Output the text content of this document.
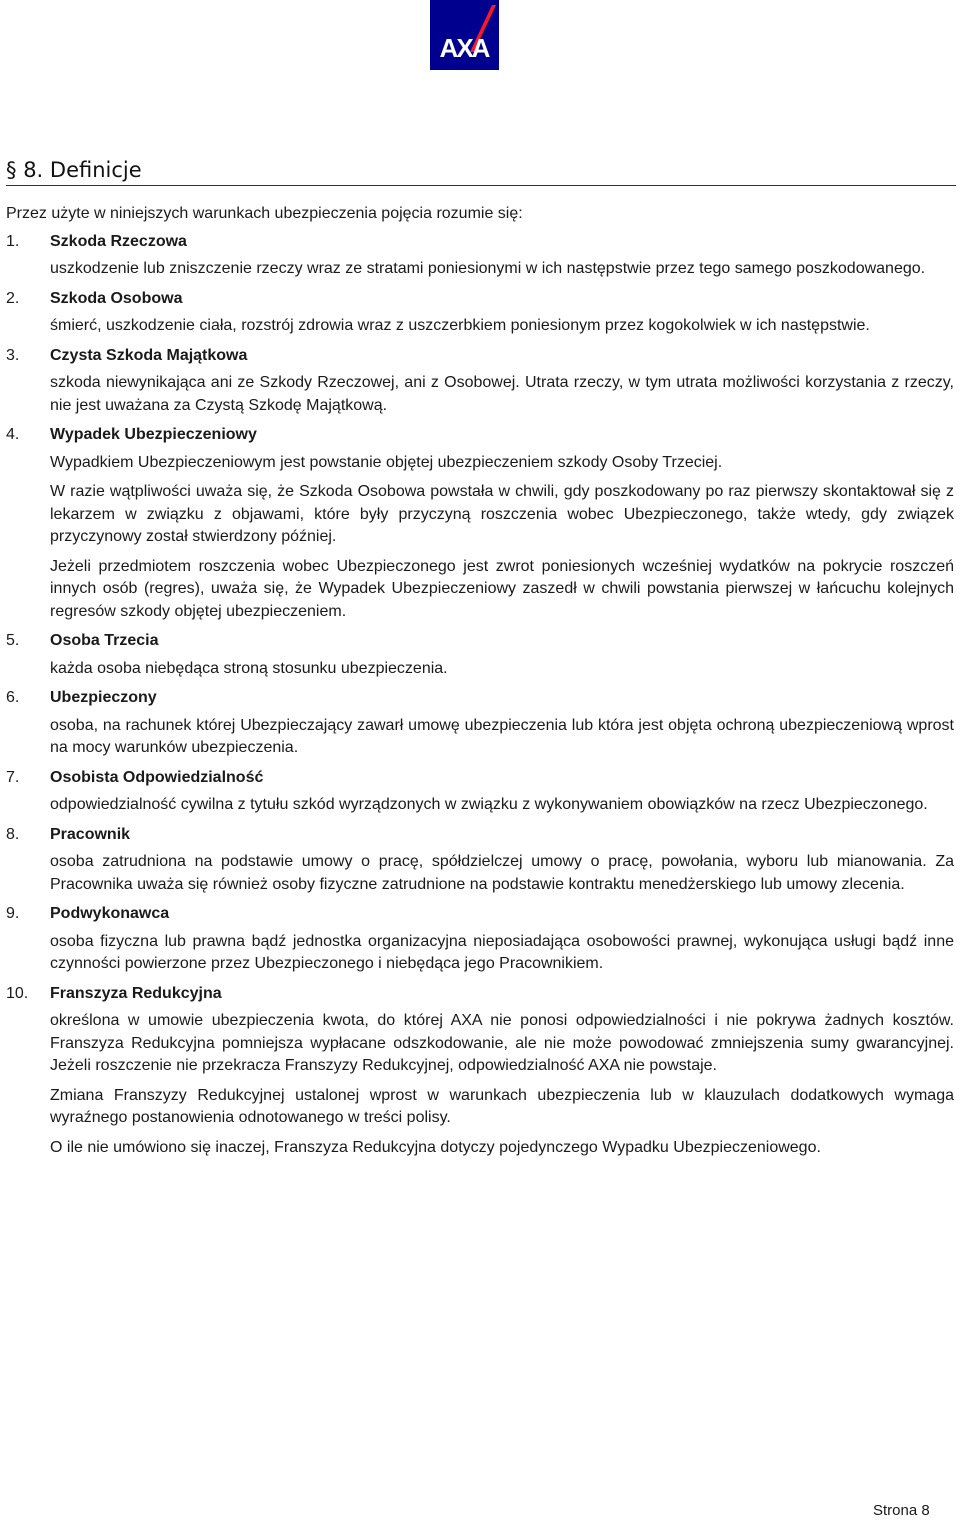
AXA
§ 8. Definicje

Przez użyte w niniejszych warunkach ubezpieczenia pojęcia rozumie się:

1.	Szkoda Rzeczowa

uszkodzenie lub zniszczenie rzeczy wraz ze stratami poniesionymi w ich następstwie przez tego samego poszkodowanego.

2.	Szkoda Osobowa

śmierć, uszkodzenie ciała, rozstrój zdrowia wraz z uszczerbkiem poniesionym przez kogokolwiek w ich następstwie.

3.	Czysta Szkoda Majątkowa

szkoda niewynikająca ani ze Szkody Rzeczowej, ani z Osobowej. Utrata rzeczy, w tym utrata możliwości korzystania z rzeczy, nie jest uważana za Czystą Szkodę Majątkową.

4.	Wypadek Ubezpieczeniowy

Wypadkiem Ubezpieczeniowym jest powstanie objętej ubezpieczeniem szkody Osoby Trzeciej.

W razie wątpliwości uważa się, że Szkoda Osobowa powstała w chwili, gdy poszkodowany po raz pierwszy skontaktował się z lekarzem w związku z objawami, które były przyczyną roszczenia wobec Ubezpieczonego, także wtedy, gdy związek przyczynowy został stwierdzony później.

Jeżeli przedmiotem roszczenia wobec Ubezpieczonego jest zwrot poniesionych wcześniej wydatków na pokrycie roszczeń innych osób (regres), uważa się, że Wypadek Ubezpieczeniowy zaszedł w chwili powstania pierwszej w łańcuchu kolejnych regresów szkody objętej ubezpieczeniem.

5.	Osoba Trzecia

każda osoba niebędąca stroną stosunku ubezpieczenia.

6.	Ubezpieczony

osoba, na rachunek której Ubezpieczający zawarł umowę ubezpieczenia lub która jest objęta ochroną ubezpieczeniową wprost na mocy warunków ubezpieczenia.

7.	Osobista Odpowiedzialność

odpowiedzialność cywilna z tytułu szkód wyrządzonych w związku z wykonywaniem obowiązków na rzecz Ubezpieczonego.

8.	Pracownik

osoba zatrudniona na podstawie umowy o pracę, spółdzielczej umowy o pracę, powołania, wyboru lub mianowania. Za Pracownika uważa się również osoby fizyczne zatrudnione na podstawie kontraktu menedżerskiego lub umowy zlecenia.

9.	Podwykonawca

osoba fizyczna lub prawna bądź jednostka organizacyjna nieposiadająca osobowości prawnej, wykonująca usługi bądź inne czynności powierzone przez Ubezpieczonego i niebędąca jego Pracownikiem.

10.	Franszyza Redukcyjna

określona w umowie ubezpieczenia kwota, do której AXA nie ponosi odpowiedzialności i nie pokrywa żadnych kosztów. Franszyza Redukcyjna pomniejsza wypłacane odszkodowanie, ale nie może powodować zmniejszenia sumy gwarancyjnej. Jeżeli roszczenie nie przekracza Franszyzy Redukcyjnej, odpowiedzialność AXA nie powstaje.

Zmiana Franszyzy Redukcyjnej ustalonej wprost w warunkach ubezpieczenia lub w klauzulach dodatkowych wymaga wyraźnego postanowienia odnotowanego w treści polisy.

O ile nie umówiono się inaczej, Franszyza Redukcyjna dotyczy pojedynczego Wypadku Ubezpieczeniowego.

Strona 8
